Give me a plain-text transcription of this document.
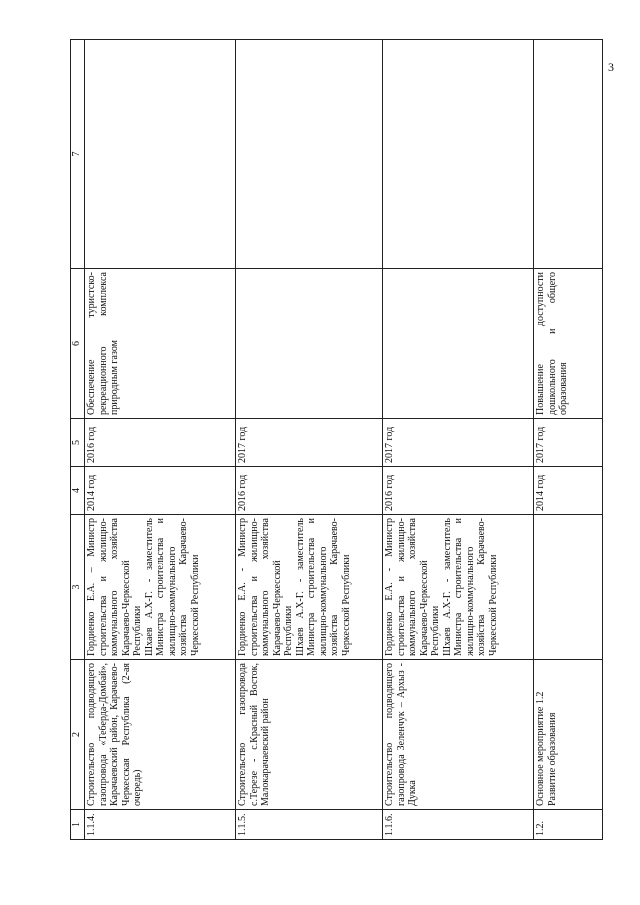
3
1	2	3	4	5	6	7
1.1.4.	Строительство подводящего газопровода «Теберда-Домбай», Карачаевский район, Карачаево-Черкесская Республика (2-ая очередь)	Гордиенко Е.А. – Министр строительства и жилищно-коммунального хозяйства Карачаево-Черкесской Республики Шхаев А.Х-Г. - заместитель Министра строительства и жилищно-коммунального хозяйства Карачаево-Черкесской Республики	2014 год	2016 год	Обеспечение туристско-рекреационного комплекса природным газом	
1.1.5.	Строительство газопровода с.Терезе - с.Красный Восток, Малокарачаевский район	Гордиенко Е.А. - Министр строительства и жилищно-коммунального хозяйства Карачаево-Черкесской Республики Шхаев А.Х-Г. - заместитель Министра строительства и жилищно-коммунального хозяйства Карачаево-Черкесской Республики	2016 год	2017 год		
1.1.6.	Строительство подводящего газопровода Зеленчук – Архыз - Дукка	Гордиенко Е.А. - Министр строительства и жилищно-коммунального хозяйства Карачаево-Черкесской Республики Шхаев А.Х-Г. - заместитель Министра строительства и жилищно-коммунального хозяйства Карачаево-Черкесской Республики	2016 год	2017 год		
1.2.	Основное мероприятие 1.2 Развитие образования		2014 год	2017 год	Повышение доступности дошкольного и общего образования	
